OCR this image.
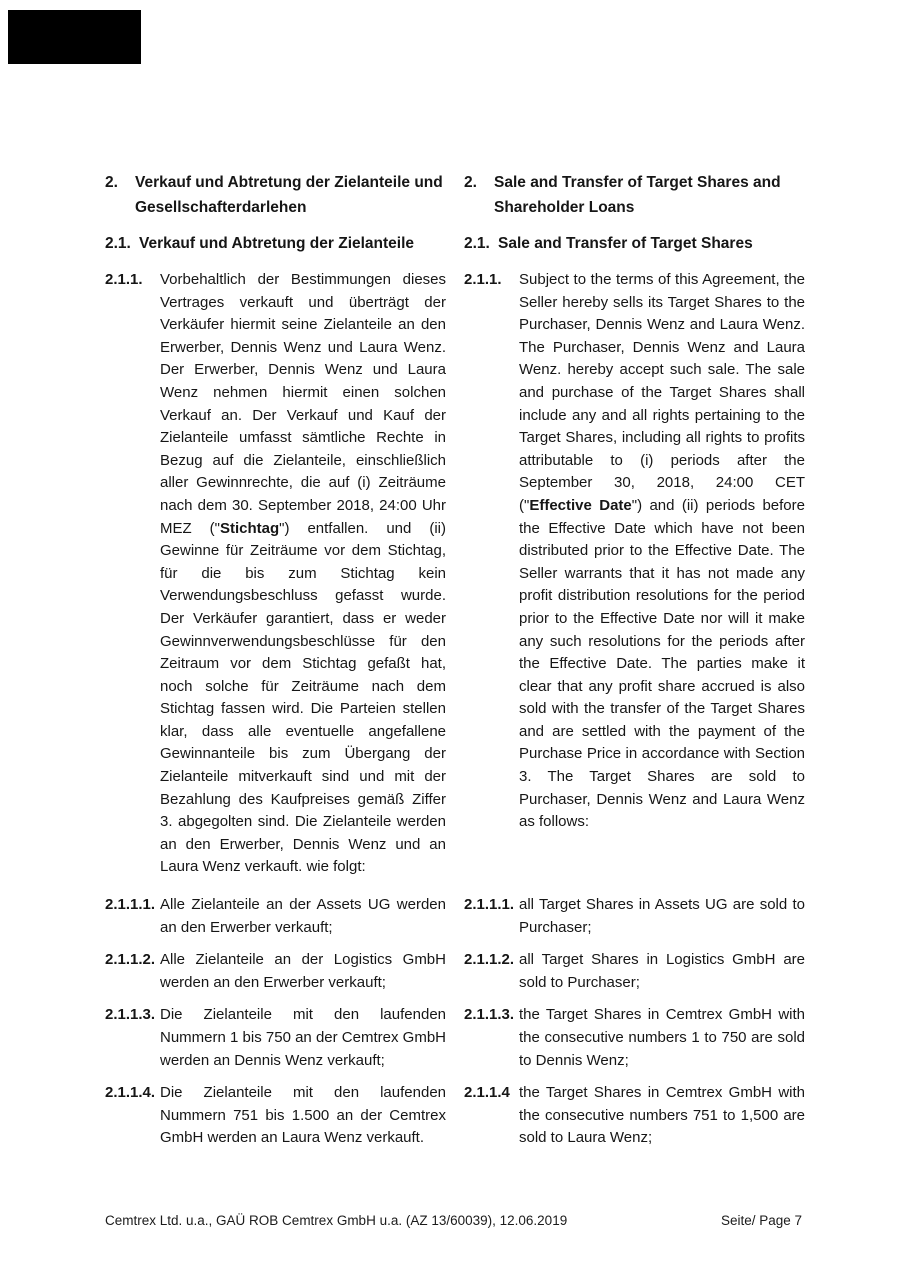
2. Verkauf und Abtretung der Zielanteile und Gesellschafterdarlehen
2. Sale and Transfer of Target Shares and Shareholder Loans
2.1. Verkauf und Abtretung der Zielanteile	2.1. Sale and Transfer of Target Shares
2.1.1. Vorbehaltlich der Bestimmungen dieses Vertrages verkauft und überträgt der Verkäufer hiermit seine Zielanteile an den Erwerber, Dennis Wenz und Laura Wenz. Der Erwerber, Dennis Wenz und Laura Wenz nehmen hiermit einen solchen Verkauf an. Der Verkauf und Kauf der Zielanteile umfasst sämtliche Rechte in Bezug auf die Zielanteile, einschließlich aller Gewinnrechte, die auf (i) Zeiträume nach dem 30. September 2018, 24:00 Uhr MEZ ("Stichtag") entfallen. und (ii) Gewinne für Zeiträume vor dem Stichtag, für die bis zum Stichtag kein Verwendungsbeschluss gefasst wurde. Der Verkäufer garantiert, dass er weder Gewinnverwendungsbeschlüsse für den Zeitraum vor dem Stichtag gefaßt hat, noch solche für Zeiträume nach dem Stichtag fassen wird. Die Parteien stellen klar, dass alle eventuelle angefallene Gewinnanteile bis zum Übergang der Zielanteile mitverkauft sind und mit der Bezahlung des Kaufpreises gemäß Ziffer 3. abgegolten sind. Die Zielanteile werden an den Erwerber, Dennis Wenz und an Laura Wenz verkauft. wie folgt:
2.1.1. Subject to the terms of this Agreement, the Seller hereby sells its Target Shares to the Purchaser, Dennis Wenz and Laura Wenz. The Purchaser, Dennis Wenz and Laura Wenz. hereby accept such sale. The sale and purchase of the Target Shares shall include any and all rights pertaining to the Target Shares, including all rights to profits attributable to (i) periods after the September 30, 2018, 24:00 CET ("Effective Date") and (ii) periods before the Effective Date which have not been distributed prior to the Effective Date. The Seller warrants that it has not made any profit distribution resolutions for the period prior to the Effective Date nor will it make any such resolutions for the periods after the Effective Date. The parties make it clear that any profit share accrued is also sold with the transfer of the Target Shares and are settled with the payment of the Purchase Price in accordance with Section 3. The Target Shares are sold to Purchaser, Dennis Wenz and Laura Wenz as follows:
2.1.1.1. Alle Zielanteile an der Assets UG werden an den Erwerber verkauft;
2.1.1.1. all Target Shares in Assets UG are sold to Purchaser;
2.1.1.2. Alle Zielanteile an der Logistics GmbH werden an den Erwerber verkauft;
2.1.1.2. all Target Shares in Logistics GmbH are sold to Purchaser;
2.1.1.3. Die Zielanteile mit den laufenden Nummern 1 bis 750 an der Cemtrex GmbH werden an Dennis Wenz verkauft;
2.1.1.3. the Target Shares in Cemtrex GmbH with the consecutive numbers 1 to 750 are sold to Dennis Wenz;
2.1.1.4. Die Zielanteile mit den laufenden Nummern 751 bis 1.500 an der Cemtrex GmbH werden an Laura Wenz verkauft.
2.1.1.4 the Target Shares in Cemtrex GmbH with the consecutive numbers 751 to 1,500 are sold to Laura Wenz;
Cemtrex Ltd. u.a., GAÜ ROB Cemtrex GmbH u.a. (AZ 13/60039), 12.06.2019	Seite/ Page 7
